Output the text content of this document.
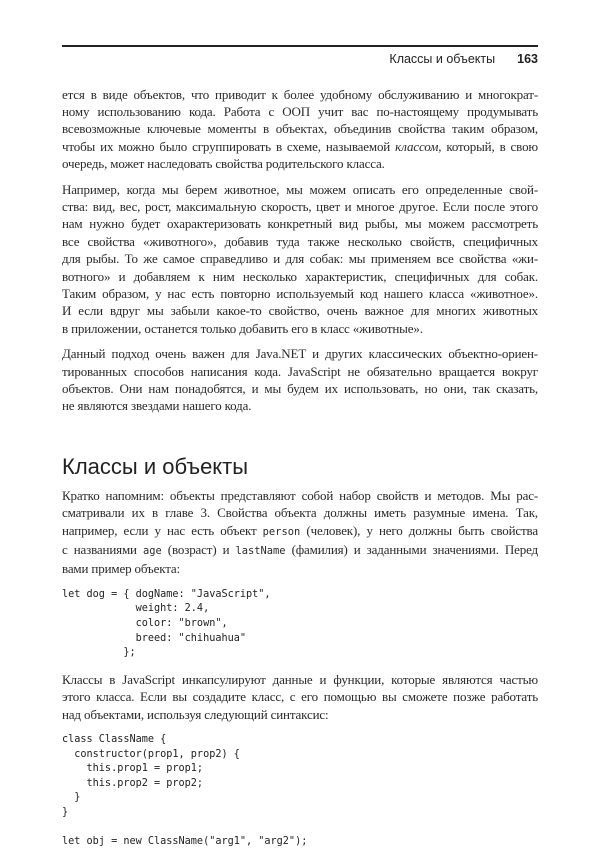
Классы и объекты 163
ется в виде объектов, что приводит к более удобному обслуживанию и многократ-
ному использованию кода. Работа с ООП учит вас по-настоящему продумывать
всевозможные ключевые моменты в объектах, объединив свойства таким образом,
чтобы их можно было сгруппировать в схеме, называемой классом, который, в свою
очередь, может наследовать свойства родительского класса.
Например, когда мы берем животное, мы можем описать его определенные свой-
ства: вид, вес, рост, максимальную скорость, цвет и многое другое. Если после этого
нам нужно будет охарактеризовать конкретный вид рыбы, мы можем рассмотреть
все свойства «животного», добавив туда также несколько свойств, специфичных
для рыбы. То же самое справедливо и для собак: мы применяем все свойства «жи-
вотного» и добавляем к ним несколько характеристик, специфичных для собак.
Таким образом, у нас есть повторно используемый код нашего класса «животное».
И если вдруг мы забыли какое-то свойство, очень важное для многих животных
в приложении, останется только добавить его в класс «животные».
Данный подход очень важен для Java.NET и других классических объектно-ориен-
тированных способов написания кода. JavaScript не обязательно вращается вокруг
объектов. Они нам понадобятся, и мы будем их использовать, но они, так сказать,
не являются звездами нашего кода.
Классы и объекты
Кратко напомним: объекты представляют собой набор свойств и методов. Мы рас-
сматривали их в главе 3. Свойства объекта должны иметь разумные имена. Так,
например, если у нас есть объект person (человек), у него должны быть свойства
с названиями age (возраст) и lastName (фамилия) и заданными значениями. Перед
вами пример объекта:
let dog = { dogName: "JavaScript",
weight: 2.4,
color: "brown",
breed: "chihuahua"
};
Классы в JavaScript инкапсулируют данные и функции, которые являются частью
этого класса. Если вы создадите класс, с его помощью вы сможете позже работать
над объектами, используя следующий синтаксис:
class ClassName {
constructor(prop1, prop2) {
this.prop1 = prop1;
this.prop2 = prop2;
}
}

let obj = new ClassName("arg1", "arg2");
